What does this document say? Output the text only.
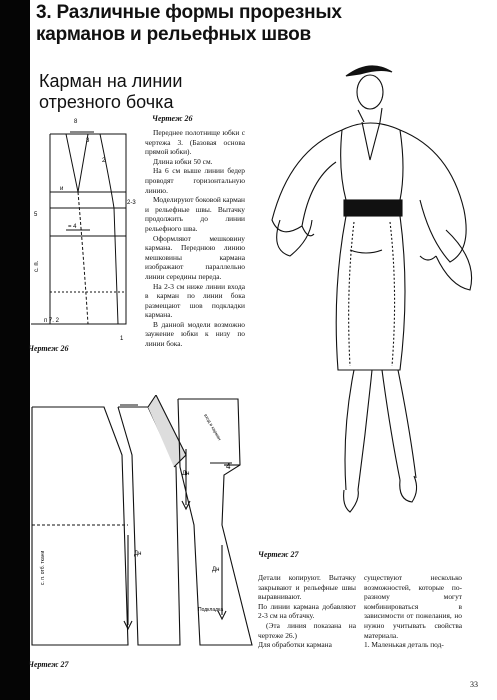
3. Различные формы прорезных
карманов и рельефных швов
Карман на линии
отрезного бочка
8
3
2
и
2-3
5
= 4
с. п.
п 7. 2
1
Чертеж 26
Чертеж 26

Переднее полотнище юбки с чертежа 3. (Базовая основа прямой юбки).

Длина юбки 50 см.

На 6 см выше линии бедер проводят горизонтальную линию.

Моделируют боковой карман и рельефные швы. Вытачку продолжить до линии рельефного шва.

Оформляют мешковину кармана. Переднюю линию мешковины кармана изображают параллельно линии середины переда.

На 2-3 см ниже линии входа в карман по линии бока размещают шов подкладки кармана.

В данной модели возможно заужение юбки к низу по линии бока.

с. п. отб. ткани	Дн
Дн
Дн
4
Подкладка
вход в карман
Чертеж 27
Чертеж 27

Детали копируют. Вытачку закрывают и рельефные швы выравнивают.

По линии кармана добавляют 2-3 см на обтачку.

(Эта линия показана на чертеже 26.)

Для обработки кармана

существуют несколько возможностей, которые по-разному могут комбинироваться в зависимости от пожелания, но нужно учитывать свойства материала.

1. Маленькая деталь под-

33
